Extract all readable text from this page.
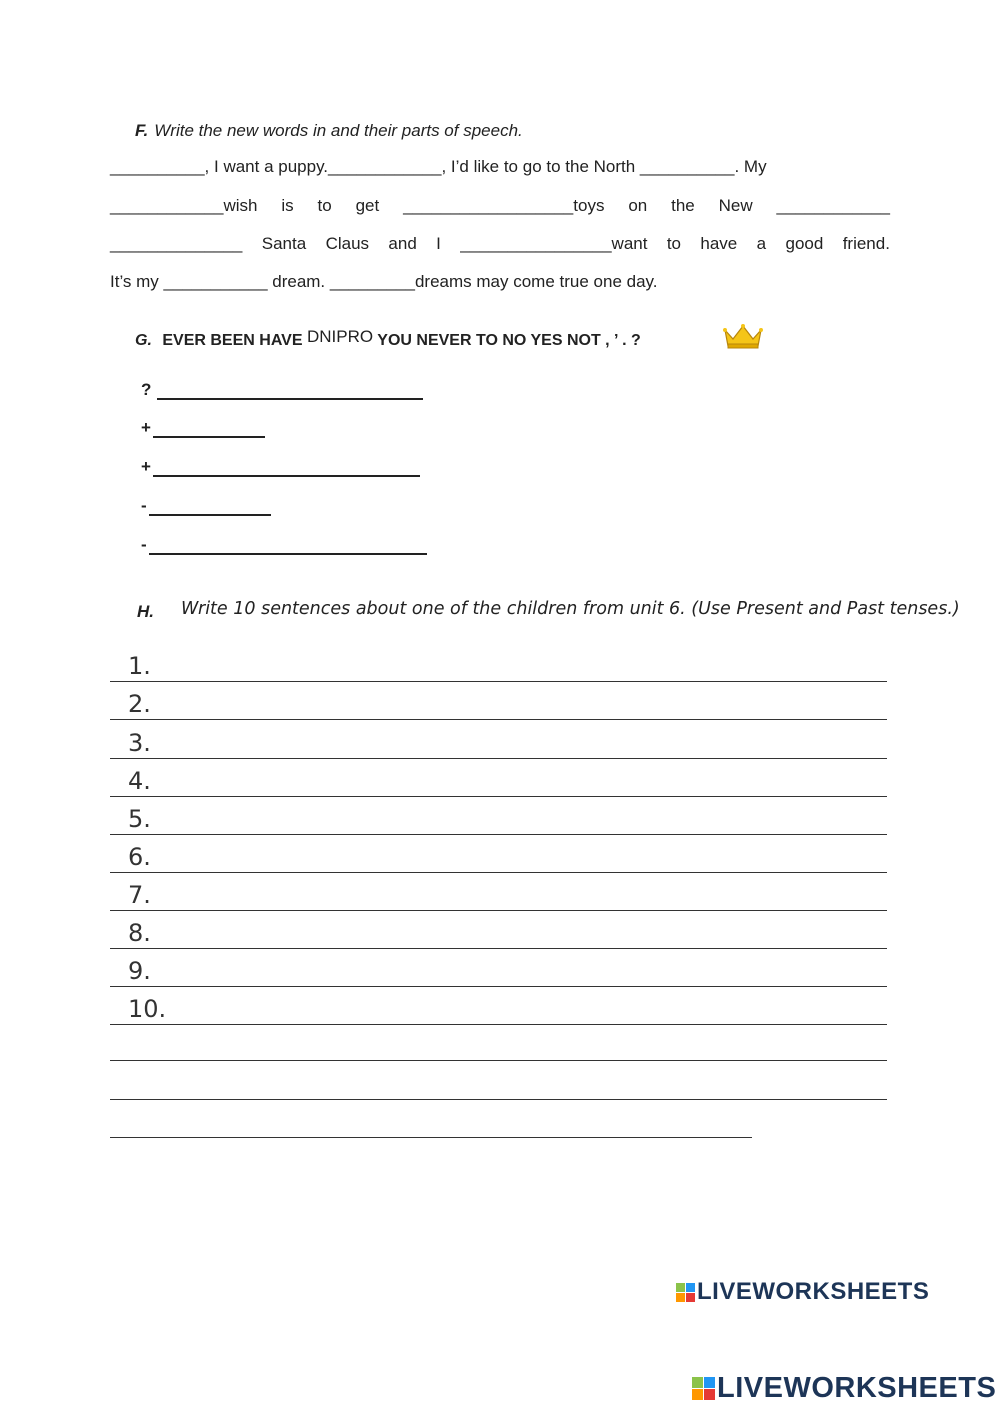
F. Write the new words in and their parts of speech.
__________, I want a puppy.____________, I’d like to go to the North __________. My
____________wish is to get __________________toys on the New ____________
______________ Santa Claus and I ________________want to have a good friend.
It’s my ___________ dream. _________dreams may come true one day.
G. EVER BEEN HAVE DNIPRO YOU NEVER TO NO YES NOT , ’ . ?
?
+
+
-
-
H. Write 10 sentences about one of the children from unit 6. (Use Present and Past tenses.)
1.
2.
3.
4.
5.
6.
7.
8.
9.
10.
LIVEWORKSHEETS
LIVEWORKSHEETS
